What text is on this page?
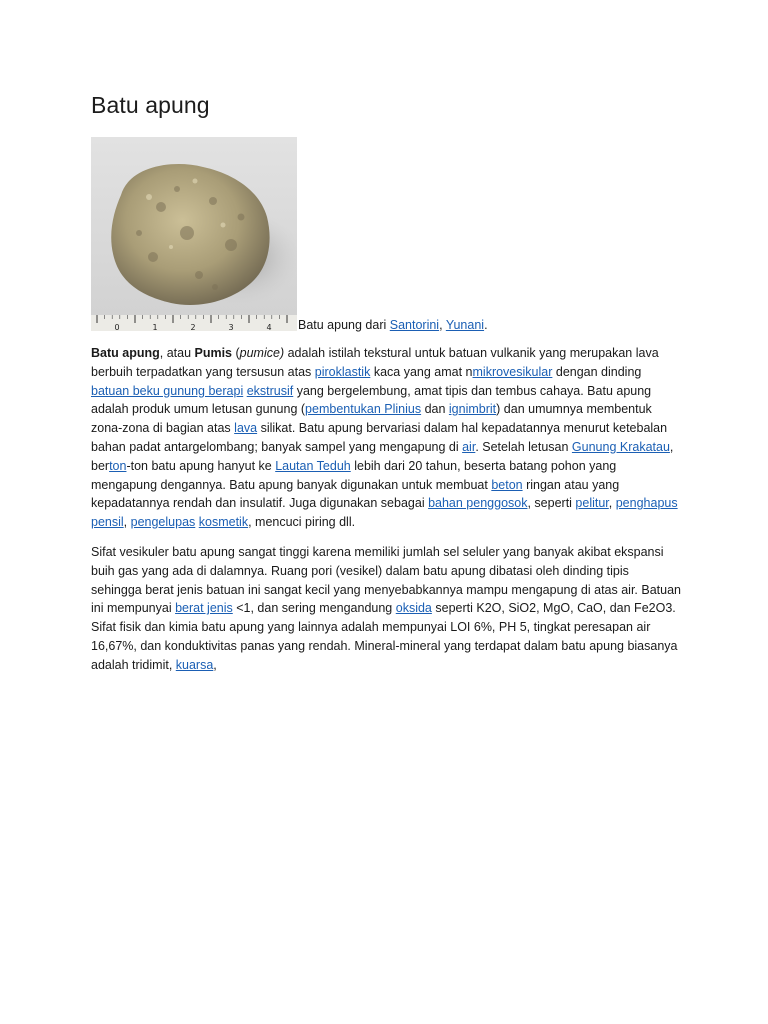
Batu apung
0	1	2	3	4 Batu apung dari Santorini, Yunani.

Batu apung, atau Pumis (pumice) adalah istilah tekstural untuk batuan vulkanik yang merupakan lava berbuih terpadatkan yang tersusun atas piroklastik kaca yang amat nmikrovesikular dengan dinding batuan beku gunung berapi ekstrusif yang bergelembung, amat tipis dan tembus cahaya. Batu apung adalah produk umum letusan gunung (pembentukan Plinius dan ignimbrit) dan umumnya membentuk zona-zona di bagian atas lava silikat. Batu apung bervariasi dalam hal kepadatannya menurut ketebalan bahan padat antargelombang; banyak sampel yang mengapung di air. Setelah letusan Gunung Krakatau, berton-ton batu apung hanyut ke Lautan Teduh lebih dari 20 tahun, beserta batang pohon yang mengapung dengannya. Batu apung banyak digunakan untuk membuat beton ringan atau yang kepadatannya rendah dan insulatif. Juga digunakan sebagai bahan penggosok, seperti pelitur, penghapus pensil, pengelupas kosmetik, mencuci piring dll.

Sifat vesikuler batu apung sangat tinggi karena memiliki jumlah sel seluler yang banyak akibat ekspansi buih gas yang ada di dalamnya. Ruang pori (vesikel) dalam batu apung dibatasi oleh dinding tipis sehingga berat jenis batuan ini sangat kecil yang menyebabkannya mampu mengapung di atas air. Batuan ini mempunyai berat jenis <1, dan sering mengandung oksida seperti K2O, SiO2, MgO, CaO, dan Fe2O3. Sifat fisik dan kimia batu apung yang lainnya adalah mempunyai LOI 6%, PH 5, tingkat peresapan air 16,67%, dan konduktivitas panas yang rendah. Mineral-mineral yang terdapat dalam batu apung biasanya adalah tridimit, kuarsa,
